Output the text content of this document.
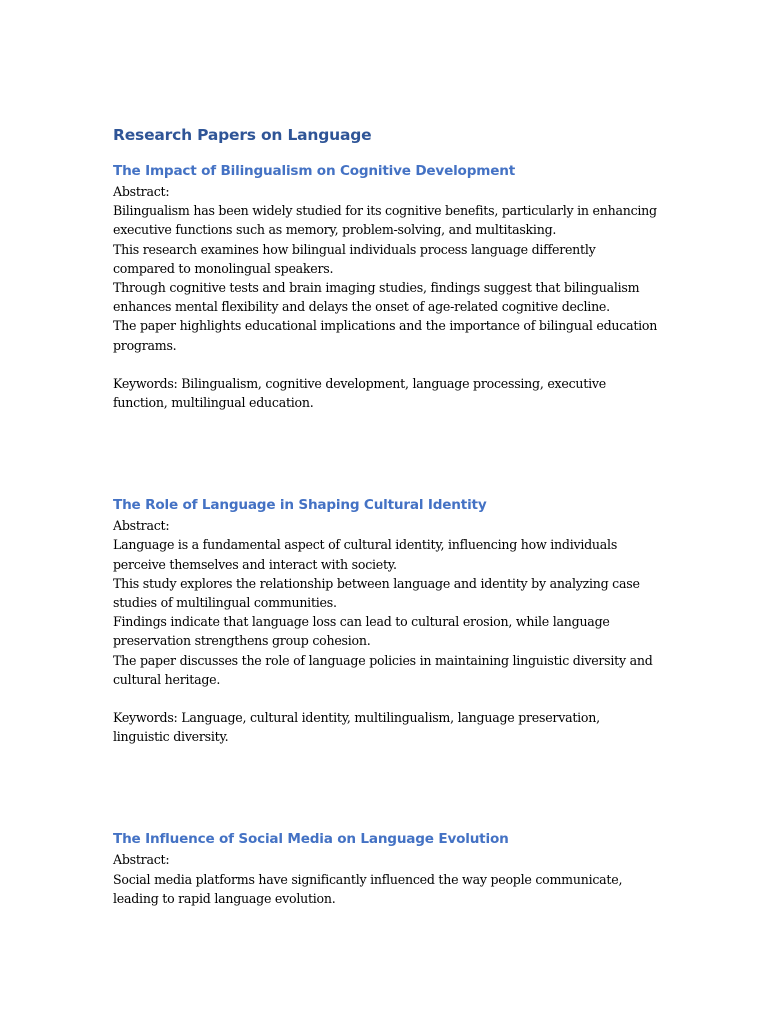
Research Papers on Language
The Impact of Bilingualism on Cognitive Development

Abstract:

Bilingualism has been widely studied for its cognitive benefits, particularly in enhancing executive functions such as memory, problem-solving, and multitasking.

This research examines how bilingual individuals process language differently compared to monolingual speakers.

Through cognitive tests and brain imaging studies, findings suggest that bilingualism enhances mental flexibility and delays the onset of age-related cognitive decline.

The paper highlights educational implications and the importance of bilingual education programs.

Keywords: Bilingualism, cognitive development, language processing, executive function, multilingual education.

The Role of Language in Shaping Cultural Identity

Abstract:

Language is a fundamental aspect of cultural identity, influencing how individuals perceive themselves and interact with society.

This study explores the relationship between language and identity by analyzing case studies of multilingual communities.

Findings indicate that language loss can lead to cultural erosion, while language preservation strengthens group cohesion.

The paper discusses the role of language policies in maintaining linguistic diversity and cultural heritage.

Keywords: Language, cultural identity, multilingualism, language preservation, linguistic diversity.

The Influence of Social Media on Language Evolution

Abstract:

Social media platforms have significantly influenced the way people communicate, leading to rapid language evolution.
